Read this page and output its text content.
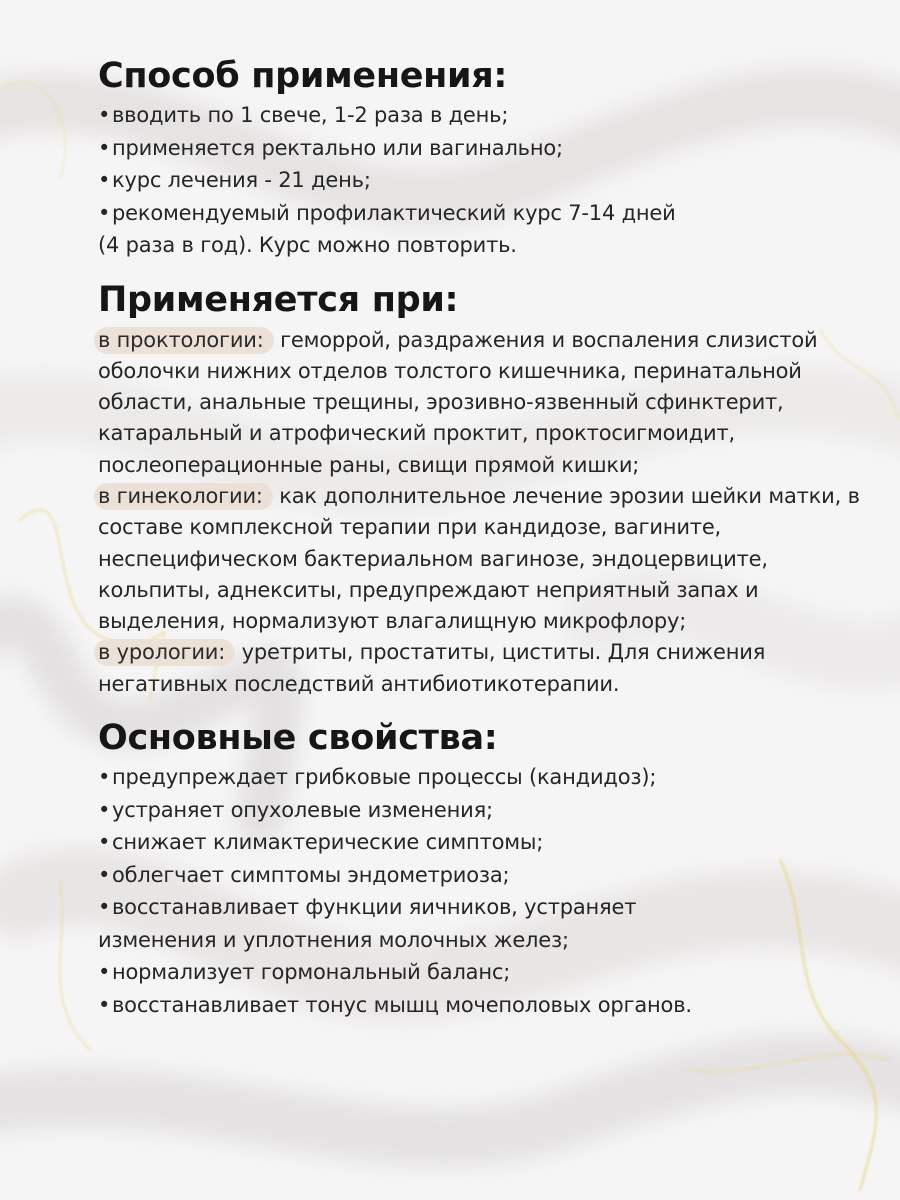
Способ применения:
•вводить по 1 свече, 1-2 раза в день;
•применяется ректально или вагинально;
•курс лечения - 21 день;
•рекомендуемый профилактический курс 7-14 дней
(4 раза в год). Курс можно повторить.
Применяется при:

в проктологии: геморрой, раздражения и воспаления слизистой оболочки нижних отделов толстого кишечника, перинатальной области, анальные трещины, эрозивно-язвенный сфинктерит, катаральный и атрофический проктит, проктосигмоидит, послеоперационные раны, свищи прямой кишки;

в гинекологии: как дополнительное лечение эрозии шейки матки, в составе комплексной терапии при кандидозе, вагините, неспецифическом бактериальном вагинозе, эндоцервиците, кольпиты, аднекситы, предупреждают неприятный запах и выделения, нормализуют влагалищную микрофлору;

в урологии: уретриты, простатиты, циститы. Для снижения негативных последствий антибиотикотерапии.

Основные свойства:
•предупреждает грибковые процессы (кандидоз);
•устраняет опухолевые изменения;
•снижает климактерические симптомы;
•облегчает симптомы эндометриоза;
•восстанавливает функции яичников, устраняет
изменения и уплотнения молочных желез;
•нормализует гормональный баланс;
•восстанавливает тонус мышц мочеполовых органов.
